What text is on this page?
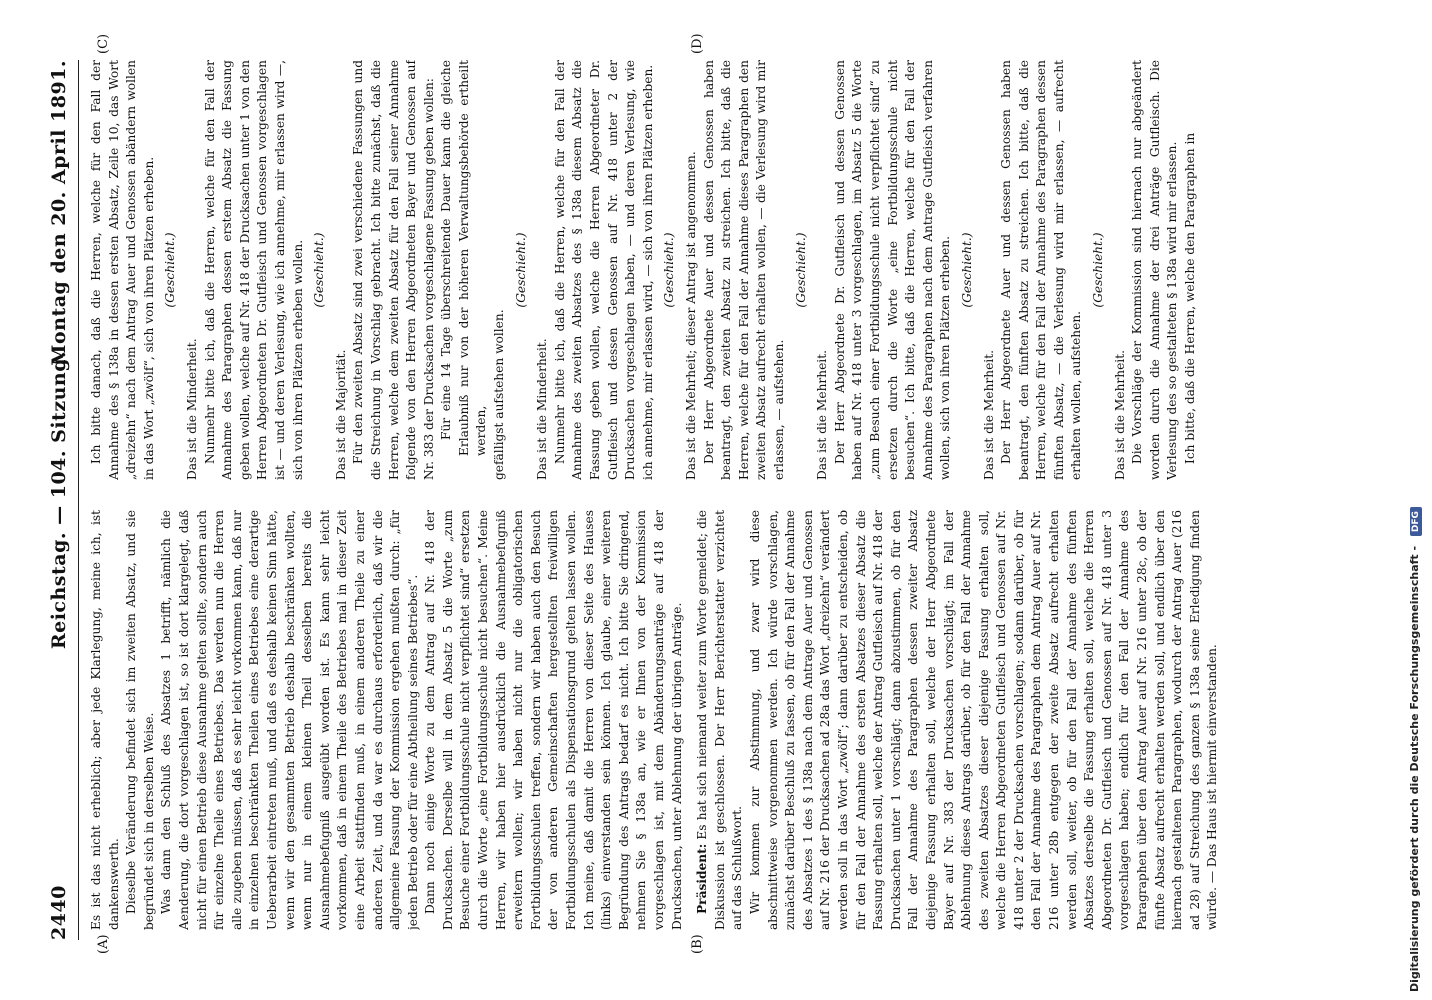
2440
Reichstag. — 104. Sitzung.
Montag den 20. April 1891.
(A)	(B)
(C)	(D)

Es ist das nicht erheblich; aber jede Klarlegung, meine ich, ist dankenswerth. Dieselbe Veränderung befindet sich im zweiten Absatz, und sie begründet sich in derselben Weise. Was dann den Schluß des Absatzes 1 betrifft, nämlich die Aenderung, die dort vorgeschlagen ist, so ist dort klargelegt, daß nicht für einen Betrieb diese Ausnahme gelten sollte, sondern auch für einzelne Theile eines Betriebes. Das werden nun die Herren alle zugeben müssen, daß es sehr leicht vorkommen kann, daß nur in einzelnen beschränkten Theilen eines Betriebes eine derartige Ueberarbeit eintreten muß, und daß es deshalb keinen Sinn hätte, wenn wir den gesammten Betrieb deshalb beschränken wollten, wenn nur in einem kleinen Theil desselben bereits die Ausnahmebefugniß ausgeübt worden ist. Es kann sehr leicht vorkommen, daß in einem Theile des Betriebes mal in dieser Zeit eine Arbeit stattfinden muß, in einem anderen Theile zu einer anderen Zeit, und da war es durchaus erforderlich, daß wir die allgemeine Fassung der Kommission ergehen mußten durch: „für jeden Betrieb oder für eine Abtheilung seines Betriebes“. Dann noch einige Worte zu dem Antrag auf Nr. 418 der Drucksachen. Derselbe will in dem Absatz 5 die Worte „zum Besuche einer Fortbildungsschule nicht verpflichtet sind“ ersetzen durch die Worte „eine Fortbildungsschule nicht besuchen“. Meine Herren, wir haben hier ausdrücklich die Ausnahmebefugniß erweitern wollen; wir haben nicht nur die obligatorischen Fortbildungsschulen treffen, sondern wir haben auch den Besuch der von anderen Gemeinschaften hergestellten freiwilligen Fortbildungsschulen als Dispensationsgrund gelten lassen wollen. Ich meine, daß damit die Herren von dieser Seite des Hauses (links) einverstanden sein können. Ich glaube, einer weiteren Begründung des Antrags bedarf es nicht. Ich bitte Sie dringend, nehmen Sie § 138a an, wie er Ihnen von der Kommission vorgeschlagen ist, mit dem Abänderungsanträge auf 418 der Drucksachen, unter Ablehnung der übrigen Anträge. Präsident: Es hat sich niemand weiter zum Worte gemeldet; die Diskussion ist geschlossen. Der Herr Berichterstatter verzichtet auf das Schlußwort. Wir kommen zur Abstimmung, und zwar wird diese abschnittweise vorgenommen werden. Ich würde vorschlagen, zunächst darüber Beschluß zu fassen, ob für den Fall der Annahme des Absatzes 1 des § 138a nach dem Antrage Auer und Genossen auf Nr. 216 der Drucksachen ad 28a das Wort „dreizehn“ verändert werden soll in das Wort „zwölf“; dann darüber zu entscheiden, ob für den Fall der Annahme des ersten Absatzes dieser Absatz die Fassung erhalten soll, welche der Antrag Gutfleisch auf Nr. 418 der Drucksachen unter 1 vorschlägt; dann abzustimmen, ob für den Fall der Annahme des Paragraphen dessen zweiter Absatz diejenige Fassung erhalten soll, welche der Herr Abgeordnete Bayer auf Nr. 383 der Drucksachen vorschlägt; im Fall der Ablehnung dieses Antrags darüber, ob für den Fall der Annahme des zweiten Absatzes dieser diejenige Fassung erhalten soll, welche die Herren Abgeordneten Gutfleisch und Genossen auf Nr. 418 unter 2 der Drucksachen vorschlagen; sodann darüber, ob für den Fall der Annahme des Paragraphen dem Antrag Auer auf Nr. 216 unter 28b entgegen der zweite Absatz aufrecht erhalten werden soll, weiter, ob für den Fall der Annahme des fünften Absatzes derselbe die Fassung erhalten soll, welche die Herren Abgeordneten Dr. Gutfleisch und Genossen auf Nr. 418 unter 3 vorgeschlagen haben; endlich für den Fall der Annahme des Paragraphen über den Antrag Auer auf Nr. 216 unter 28c, ob der fünfte Absatz aufrecht erhalten werden soll, und endlich über den hiernach gestaltenen Paragraphen, wodurch der Antrag Auer (216 ad 28) auf Streichung des ganzen § 138a seine Erledigung finden würde. — Das Haus ist hiermit einverstanden.

Ich bitte danach, daß die Herren, welche für den Fall der Annahme des § 138a in dessen ersten Absatz, Zeile 10, das Wort „dreizehn“ nach dem Antrag Auer und Genossen abändern wollen in das Wort „zwölf“, sich von ihren Plätzen erheben. (Geschieht.)

Das ist die Minderheit. Nunmehr bitte ich, daß die Herren, welche für den Fall der Annahme des Paragraphen dessen erstem Absatz die Fassung geben wollen, welche auf Nr. 418 der Drucksachen unter 1 von den Herren Abgeordneten Dr. Gutfleisch und Genossen vorgeschlagen ist — und deren Verlesung, wie ich annehme, mir erlassen wird —, sich von ihren Plätzen erheben wollen. (Geschieht.)

Das ist die Majorität. Für den zweiten Absatz sind zwei verschiedene Fassungen und die Streichung in Vorschlag gebracht. Ich bitte zunächst, daß die Herren, welche dem zweiten Absatz für den Fall seiner Annahme folgende von den Herren Abgeordneten Bayer und Genossen auf Nr. 383 der Drucksachen vorgeschlagene Fassung geben wollen: Für eine 14 Tage überschreitende Dauer kann die gleiche Erlaubniß nur von der höheren Verwaltungsbehörde ertheilt werden, gefälligst aufstehen wollen.

(Geschieht.)

Das ist die Minderheit. Nunmehr bitte ich, daß die Herren, welche für den Fall der Annahme des zweiten Absatzes des § 138a diesem Absatz die Fassung geben wollen, welche die Herren Abgeordneter Dr. Gutfleisch und dessen Genossen auf Nr. 418 unter 2 der Drucksachen vorgeschlagen haben, — und deren Verlesung, wie ich annehme, mir erlassen wird, — sich von ihren Plätzen erheben. (Geschieht.) Das ist die Mehrheit; dieser Antrag ist angenommen. Der Herr Abgeordnete Auer und dessen Genossen haben beantragt, den zweiten Absatz zu streichen. Ich bitte, daß die Herren, welche für den Fall der Annahme dieses Paragraphen den zweiten Absatz aufrecht erhalten wollen, — die Verlesung wird mir erlassen, — aufstehen.

(Geschieht.)

Das ist die Mehrheit. Der Herr Abgeordnete Dr. Gutfleisch und dessen Genossen haben auf Nr. 418 unter 3 vorgeschlagen, im Absatz 5 die Worte „zum Besuch einer Fortbildungsschule nicht verpflichtet sind“ zu ersetzen durch die Worte „eine Fortbildungsschule nicht besuchen“. Ich bitte, daß die Herren, welche für den Fall der Annahme des Paragraphen nach dem Antrage Gutfleisch verfahren wollen, sich von ihren Plätzen erheben. (Geschieht.)

Das ist die Mehrheit. Der Herr Abgeordnete Auer und dessen Genossen haben beantragt, den fünften Absatz zu streichen. Ich bitte, daß die Herren, welche für den Fall der Annahme des Paragraphen dessen fünften Absatz, — die Verlesung wird mir erlassen, — aufrecht erhalten wollen, aufstehen.

(Geschieht.)

Das ist die Mehrheit. Die Vorschläge der Kommission sind hiernach nur abgeändert worden durch die Annahme der drei Anträge Gutfleisch. Die Verlesung des so gestalteten § 138a wird mir erlassen. Ich bitte, daß die Herren, welche den Paragraphen in

Digitalisierung gefördert durch die Deutsche Forschungsgemeinschaft - DFG
